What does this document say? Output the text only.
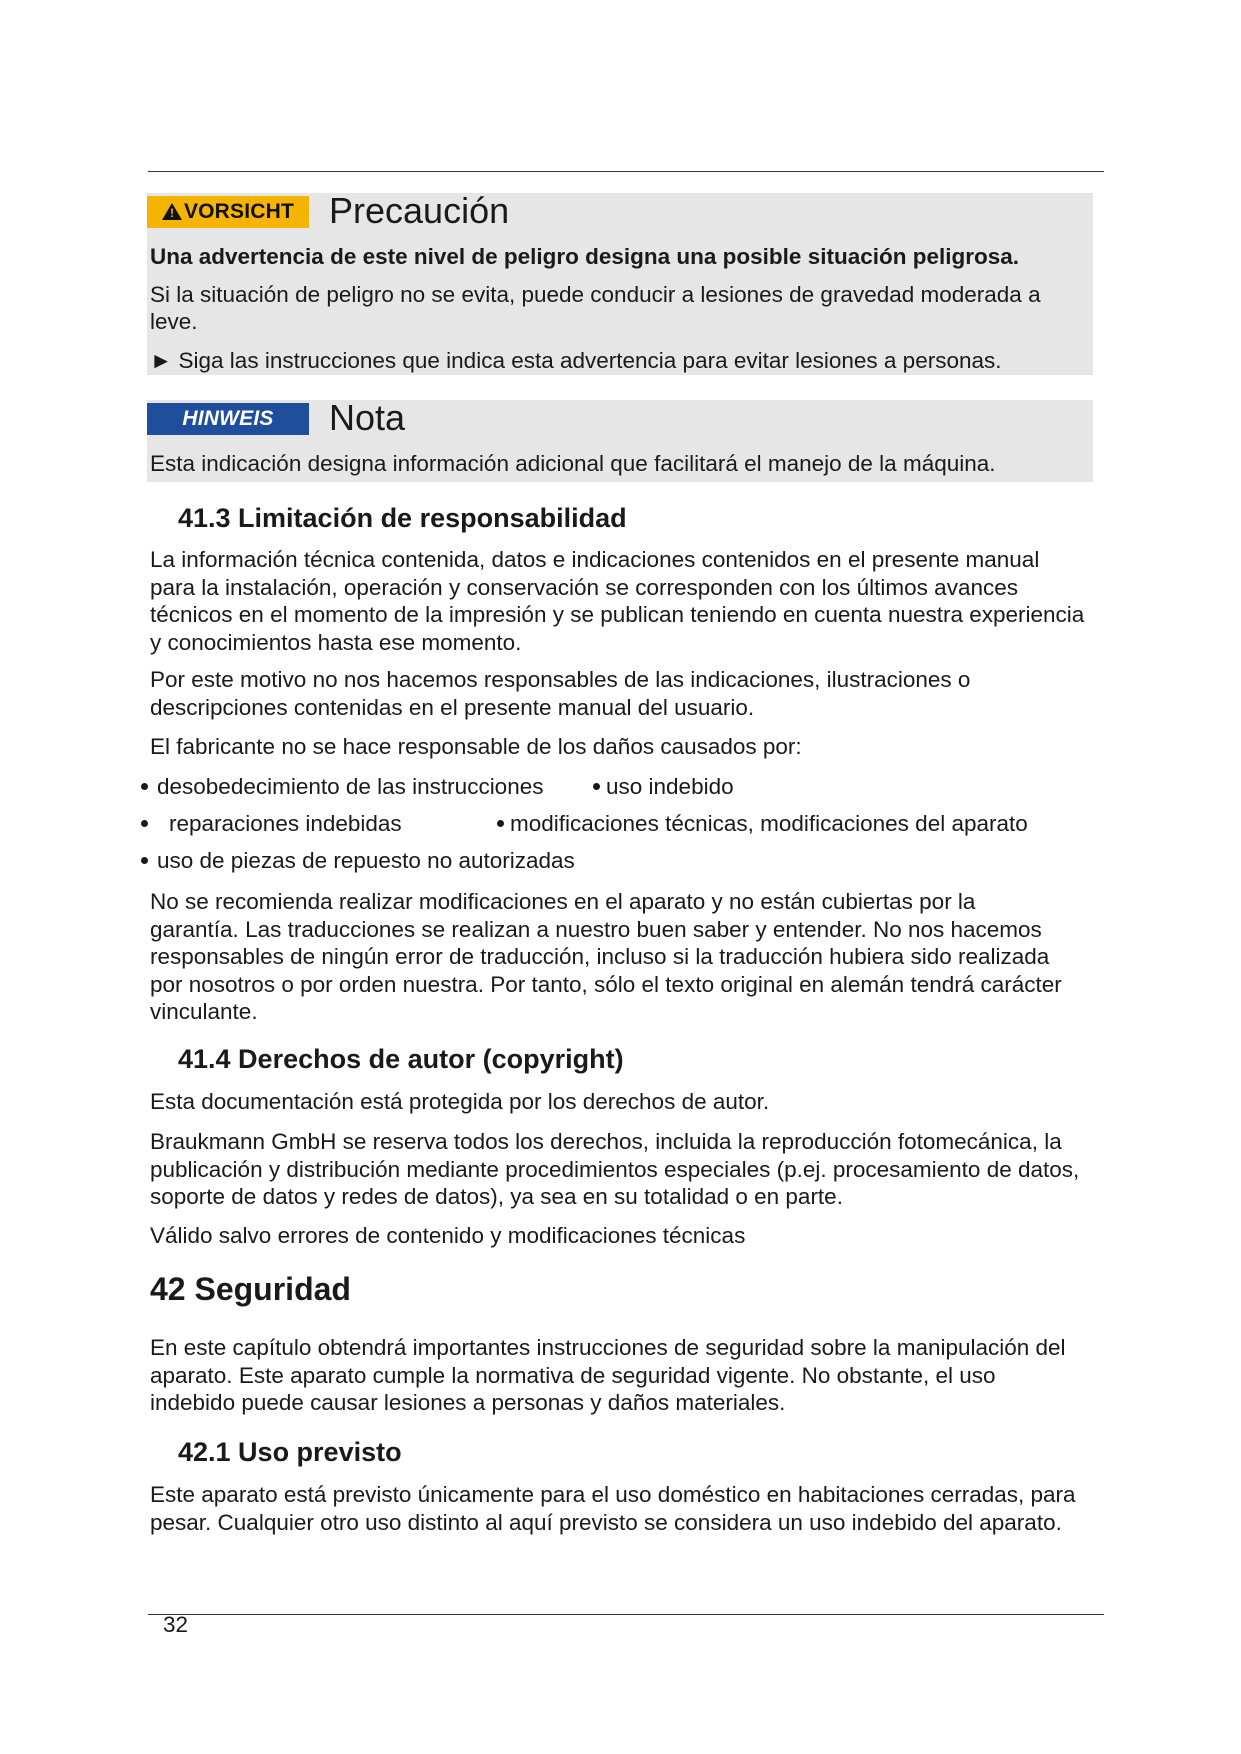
!
VORSICHT Precaución
Una advertencia de este nivel de peligro designa una posible situación peligrosa.
Si la situación de peligro no se evita, puede conducir a lesiones de gravedad moderada a leve.
► Siga las instrucciones que indica esta advertencia para evitar lesiones a personas.
HINWEIS	Nota
Esta indicación designa información adicional que facilitará el manejo de la máquina.
41.3 Limitación de responsabilidad
La información técnica contenida, datos e indicaciones contenidos en el presente manual para la instalación, operación y conservación se corresponden con los últimos avances técnicos en el momento de la impresión y se publican teniendo en cuenta nuestra experiencia y conocimientos hasta ese momento.
Por este motivo no nos hacemos responsables de las indicaciones, ilustraciones o descripciones contenidas en el presente manual del usuario.
El fabricante no se hace responsable de los daños causados por:
desobedecimiento de las instrucciones	uso indebido
reparaciones indebidas	modificaciones técnicas, modificaciones del aparato
uso de piezas de repuesto no autorizadas
No se recomienda realizar modificaciones en el aparato y no están cubiertas por la garantía. Las traducciones se realizan a nuestro buen saber y entender. No nos hacemos responsables de ningún error de traducción, incluso si la traducción hubiera sido realizada por nosotros o por orden nuestra. Por tanto, sólo el texto original en alemán tendrá carácter vinculante.
41.4 Derechos de autor (copyright)
Esta documentación está protegida por los derechos de autor.
Braukmann GmbH se reserva todos los derechos, incluida la reproducción fotomecánica, la publicación y distribución mediante procedimientos especiales (p.ej. procesamiento de datos, soporte de datos y redes de datos), ya sea en su totalidad o en parte.
Válido salvo errores de contenido y modificaciones técnicas
42 Seguridad
En este capítulo obtendrá importantes instrucciones de seguridad sobre la manipulación del aparato. Este aparato cumple la normativa de seguridad vigente. No obstante, el uso indebido puede causar lesiones a personas y daños materiales.
42.1 Uso previsto
Este aparato está previsto únicamente para el uso doméstico en habitaciones cerradas, para pesar. Cualquier otro uso distinto al aquí previsto se considera un uso indebido del aparato.
32
